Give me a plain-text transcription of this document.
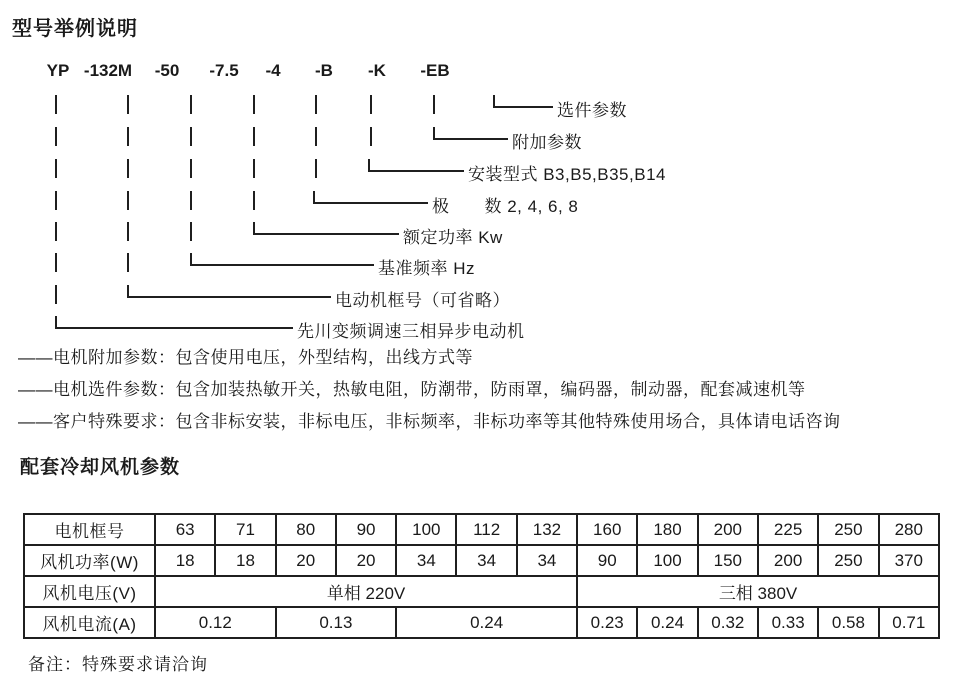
型号举例说明
YP -132M -50 -7.5 -4 -B -K -EB
选件参数
附加参数
安装型式 B3,B5,B35,B14
极　　数 2, 4, 6, 8
额定功率 Kw
基准频率 Hz
电动机框号（可省略）
先川变频调速三相异步电动机
——电机附加参数：包含使用电压，外型结构，出线方式等
——电机选件参数：包含加装热敏开关，热敏电阻，防潮带，防雨罩，编码器，制动器，配套减速机等
——客户特殊要求：包含非标安装，非标电压，非标频率，非标功率等其他特殊使用场合，具体请电话咨询
配套冷却风机参数
电机框号	63	71	80	90	100	112	132	160	180	200	225	250	280
风机功率(W)	18	18	20	20	34	34	34	90	100	150	200	250	370
风机电压(V)	单相 220V							三相 380V					
风机电流(A)	0.12		0.13		0.24			0.23	0.24	0.32	0.33	0.58	0.71
备注：特殊要求请洽询
